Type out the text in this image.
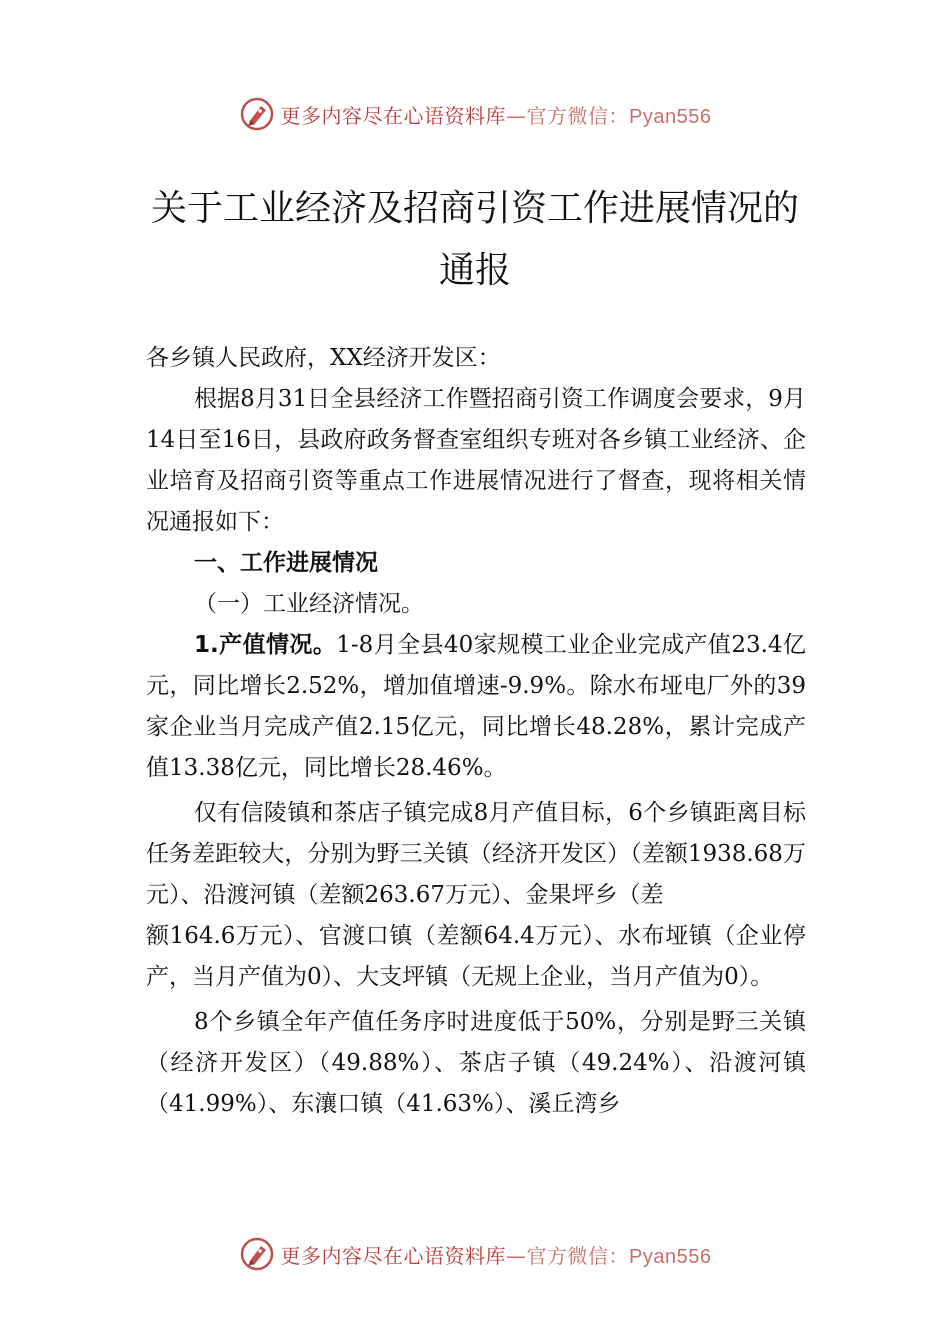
更多内容尽在心语资料库—官方微信：Pyan556
关于工业经济及招商引资工作进展情况的
通报

各乡镇人民政府，XX经济开发区：

根据8月31日全县经济工作暨招商引资工作调度会要求，9月14日至16日，县政府政务督查室组织专班对各乡镇工业经济、企业培育及招商引资等重点工作进展情况进行了督查，现将相关情况通报如下：

一、工作进展情况

（一）工业经济情况。

1.产值情况。1-8月全县40家规模工业企业完成产值23.4亿元，同比增长2.52%，增加值增速-9.9%。除水布垭电厂外的39家企业当月完成产值2.15亿元，同比增长48.28%，累计完成产值13.38亿元，同比增长28.46%。

仅有信陵镇和茶店子镇完成8月产值目标，6个乡镇距离目标任务差距较大，分别为野三关镇（经济开发区）（差额1938.68万元）、沿渡河镇（差额263.67万元）、金果坪乡（差

额164.6万元）、官渡口镇（差额64.4万元）、水布垭镇（企业停产，当月产值为0）、大支坪镇（无规上企业，当月产值为0）。

8个乡镇全年产值任务序时进度低于50%，分别是野三关镇（经济开发区）（49.88%）、茶店子镇（49.24%）、沿渡河镇（41.99%）、东瀼口镇（41.63%）、溪丘湾乡

更多内容尽在心语资料库—官方微信：Pyan556
